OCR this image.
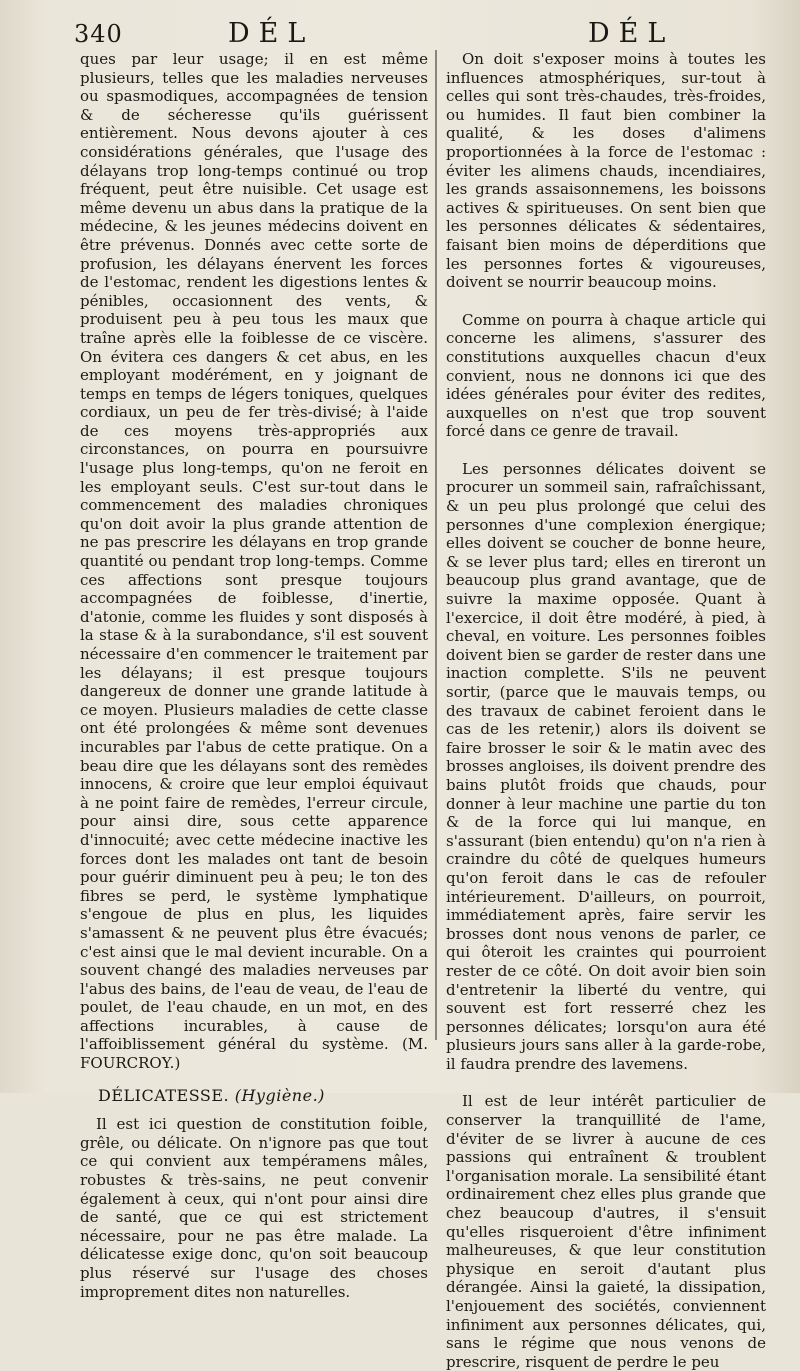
340	DÉL	DÉL

ques par leur usage; il en est même plusieurs, telles que les maladies nerveuses ou spasmodiques, accompagnées de tension & de sécheresse qu'ils guérissent entièrement. Nous devons ajouter à ces considérations générales, que l'usage des délayans trop long-temps continué ou trop fréquent, peut être nuisible. Cet usage est même devenu un abus dans la pratique de la médecine, & les jeunes médecins doivent en être prévenus. Donnés avec cette sorte de profusion, les délayans énervent les forces de l'estomac, rendent les digestions lentes & pénibles, occasionnent des vents, & produisent peu à peu tous les maux que traîne après elle la foiblesse de ce viscère. On évitera ces dangers & cet abus, en les employant modérément, en y joignant de temps en temps de légers toniques, quelques cordiaux, un peu de fer très-divisé; à l'aide de ces moyens très-appropriés aux circonstances, on pourra en poursuivre l'usage plus long-temps, qu'on ne feroit en les employant seuls. C'est sur-tout dans le commencement des maladies chroniques qu'on doit avoir la plus grande attention de ne pas prescrire les délayans en trop grande quantité ou pendant trop long-temps. Comme ces affections sont presque toujours accompagnées de foiblesse, d'inertie, d'atonie, comme les fluides y sont disposés à la stase & à la surabondance, s'il est souvent nécessaire d'en commencer le traitement par les délayans; il est presque toujours dangereux de donner une grande latitude à ce moyen. Plusieurs maladies de cette classe ont été prolongées & même sont devenues incurables par l'abus de cette pratique. On a beau dire que les délayans sont des remèdes innocens, & croire que leur emploi équivaut à ne point faire de remèdes, l'erreur circule, pour ainsi dire, sous cette apparence d'innocuité; avec cette médecine inactive les forces dont les malades ont tant de besoin pour guérir diminuent peu à peu; le ton des fibres se perd, le système lymphatique s'engoue de plus en plus, les liquides s'amassent & ne peuvent plus être évacués; c'est ainsi que le mal devient incurable. On a souvent changé des maladies nerveuses par l'abus des bains, de l'eau de veau, de l'eau de poulet, de l'eau chaude, en un mot, en des affections incurables, à cause de l'affoiblissement général du système. (M. FOURCROY.)

DÉLICATESSE. (Hygiène.)

Il est ici question de constitution foible, grêle, ou délicate. On n'ignore pas que tout ce qui convient aux tempéramens mâles, robustes & très-sains, ne peut convenir également à ceux, qui n'ont pour ainsi dire de santé, que ce qui est strictement nécessaire, pour ne pas être malade. La délicatesse exige donc, qu'on soit beaucoup plus réservé sur l'usage des choses improprement dites non naturelles.

On doit s'exposer moins à toutes les influences atmosphériques, sur-tout à celles qui sont très-chaudes, très-froides, ou humides. Il faut bien combiner la qualité, & les doses d'alimens proportionnées à la force de l'estomac : éviter les alimens chauds, incendiaires, les grands assaisonnemens, les boissons actives & spiritueuses. On sent bien que les personnes délicates & sédentaires, faisant bien moins de déperditions que les personnes fortes & vigoureuses, doivent se nourrir beaucoup moins.

Comme on pourra à chaque article qui concerne les alimens, s'assurer des constitutions auxquelles chacun d'eux convient, nous ne donnons ici que des idées générales pour éviter des redites, auxquelles on n'est que trop souvent forcé dans ce genre de travail.

Les personnes délicates doivent se procurer un sommeil sain, rafraîchissant, & un peu plus prolongé que celui des personnes d'une complexion énergique; elles doivent se coucher de bonne heure, & se lever plus tard; elles en tireront un beaucoup plus grand avantage, que de suivre la maxime opposée. Quant à l'exercice, il doit être modéré, à pied, à cheval, en voiture. Les personnes foibles doivent bien se garder de rester dans une inaction complette. S'ils ne peuvent sortir, (parce que le mauvais temps, ou des travaux de cabinet feroient dans le cas de les retenir,) alors ils doivent se faire brosser le soir & le matin avec des brosses angloises, ils doivent prendre des bains plutôt froids que chauds, pour donner à leur machine une partie du ton & de la force qui lui manque, en s'assurant (bien entendu) qu'on n'a rien à craindre du côté de quelques humeurs qu'on feroit dans le cas de refouler intérieurement. D'ailleurs, on pourroit, immédiatement après, faire servir les brosses dont nous venons de parler, ce qui ôteroit les craintes qui pourroient rester de ce côté. On doit avoir bien soin d'entretenir la liberté du ventre, qui souvent est fort resserré chez les personnes délicates; lorsqu'on aura été plusieurs jours sans aller à la garde-robe, il faudra prendre des lavemens.

Il est de leur intérêt particulier de conserver la tranquillité de l'ame, d'éviter de se livrer à aucune de ces passions qui entraînent & troublent l'organisation morale. La sensibilité étant ordinairement chez elles plus grande que chez beaucoup d'autres, il s'ensuit qu'elles risqueroient d'être infiniment malheureuses, & que leur constitution physique en seroit d'autant plus dérangée. Ainsi la gaieté, la dissipation, l'enjouement des sociétés, conviennent infiniment aux personnes délicates, qui, sans le régime que nous venons de prescrire, risquent de perdre le peu
